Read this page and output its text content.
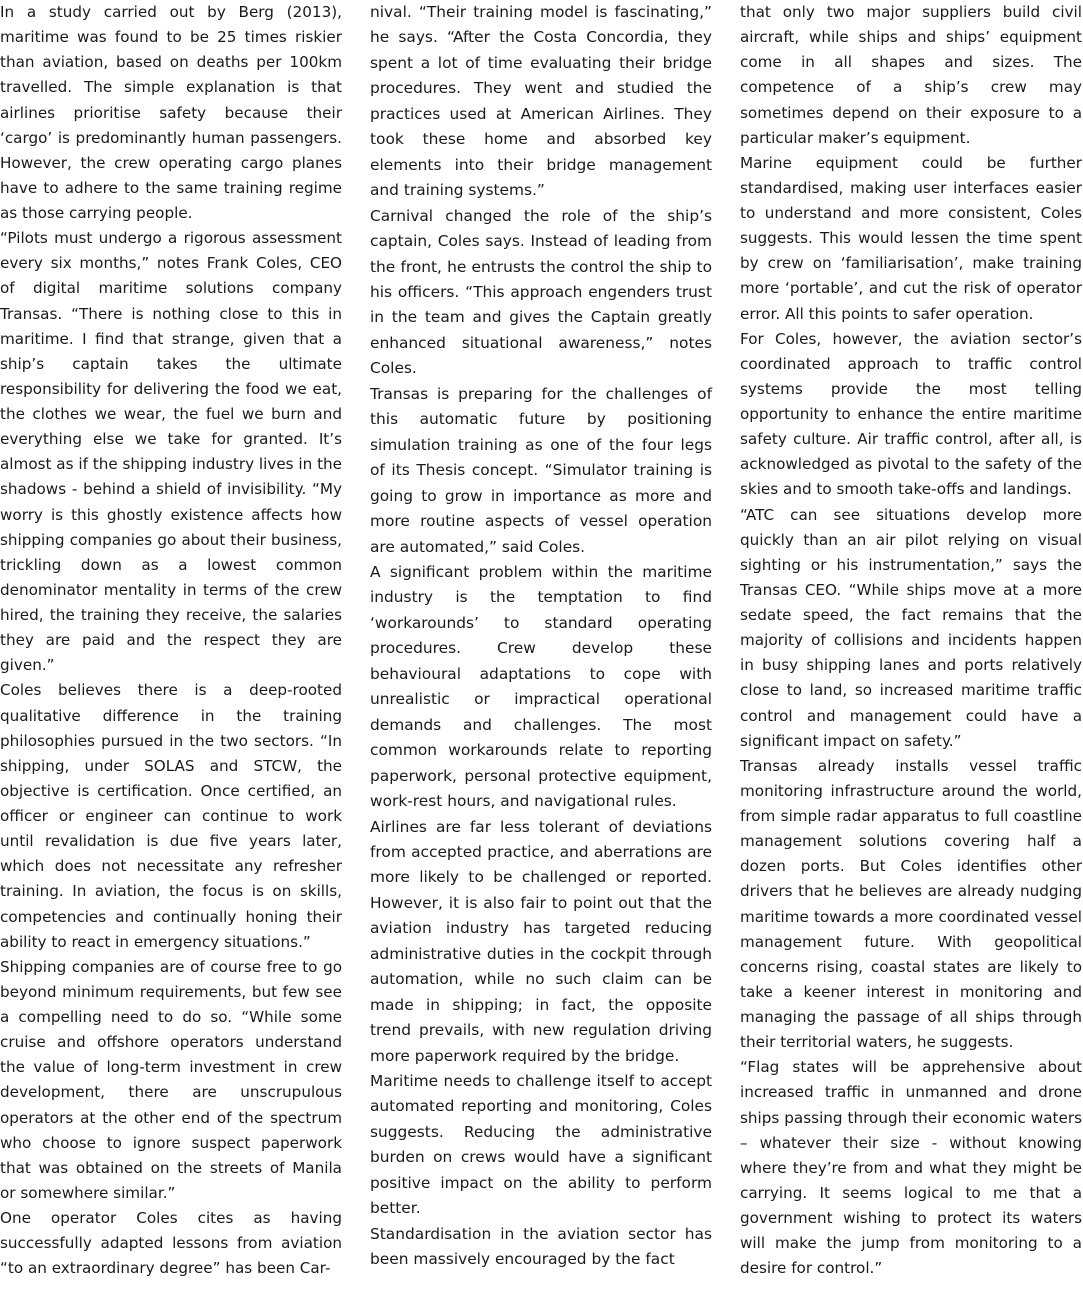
In a study carried out by Berg (2013), maritime was found to be 25 times riskier than aviation, based on deaths per 100km travelled. The simple explanation is that airlines prioritise safety because their ‘cargo’ is predominantly human passengers. However, the crew operating cargo planes have to adhere to the same training regime as those carrying people.

“Pilots must undergo a rigorous assessment every six months,” notes Frank Coles, CEO of digital maritime solutions company Transas. “There is nothing close to this in maritime. I find that strange, given that a ship’s captain takes the ultimate responsibility for delivering the food we eat, the clothes we wear, the fuel we burn and everything else we take for granted. It’s almost as if the shipping industry lives in the shadows - behind a shield of invisibility. “My worry is this ghostly existence affects how shipping companies go about their business, trickling down as a lowest common denominator mentality in terms of the crew hired, the training they receive, the salaries they are paid and the respect they are given.”

Coles believes there is a deep-rooted qualitative difference in the training philosophies pursued in the two sectors. “In shipping, under SOLAS and STCW, the objective is certification. Once certified, an officer or engineer can continue to work until revalidation is due five years later, which does not necessitate any refresher training. In aviation, the focus is on skills, competencies and continually honing their ability to react in emergency situations.”

Shipping companies are of course free to go beyond minimum requirements, but few see a compelling need to do so. “While some cruise and offshore operators understand the value of long-term investment in crew development, there are unscrupulous operators at the other end of the spectrum who choose to ignore suspect paperwork that was obtained on the streets of Manila or somewhere similar.”

One operator Coles cites as having successfully adapted lessons from aviation “to an extraordinary degree” has been Car-

nival. “Their training model is fascinating,” he says. “After the Costa Concordia, they spent a lot of time evaluating their bridge procedures. They went and studied the practices used at American Airlines. They took these home and absorbed key elements into their bridge management and training systems.”

Carnival changed the role of the ship’s captain, Coles says. Instead of leading from the front, he entrusts the control the ship to his officers. “This approach engenders trust in the team and gives the Captain greatly enhanced situational awareness,” notes Coles.

Transas is preparing for the challenges of this automatic future by positioning simulation training as one of the four legs of its Thesis concept. “Simulator training is going to grow in importance as more and more routine aspects of vessel operation are automated,” said Coles.

A significant problem within the maritime industry is the temptation to find ‘workarounds’ to standard operating procedures. Crew develop these behavioural adaptations to cope with unrealistic or impractical operational demands and challenges. The most common workarounds relate to reporting paperwork, personal protective equipment, work-rest hours, and navigational rules.

Airlines are far less tolerant of deviations from accepted practice, and aberrations are more likely to be challenged or reported. However, it is also fair to point out that the aviation industry has targeted reducing administrative duties in the cockpit through automation, while no such claim can be made in shipping; in fact, the opposite trend prevails, with new regulation driving more paperwork required by the bridge.

Maritime needs to challenge itself to accept automated reporting and monitoring, Coles suggests. Reducing the administrative burden on crews would have a significant positive impact on the ability to perform better.

Standardisation in the aviation sector has been massively encouraged by the fact

that only two major suppliers build civil aircraft, while ships and ships’ equipment come in all shapes and sizes. The competence of a ship’s crew may sometimes depend on their exposure to a particular maker’s equipment.

Marine equipment could be further standardised, making user interfaces easier to understand and more consistent, Coles suggests. This would lessen the time spent by crew on ‘familiarisation’, make training more ‘portable’, and cut the risk of operator error. All this points to safer operation.

For Coles, however, the aviation sector’s coordinated approach to traffic control systems provide the most telling opportunity to enhance the entire maritime safety culture. Air traffic control, after all, is acknowledged as pivotal to the safety of the skies and to smooth take-offs and landings.

“ATC can see situations develop more quickly than an air pilot relying on visual sighting or his instrumentation,” says the Transas CEO. “While ships move at a more sedate speed, the fact remains that the majority of collisions and incidents happen in busy shipping lanes and ports relatively close to land, so increased maritime traffic control and management could have a significant impact on safety.”

Transas already installs vessel traffic monitoring infrastructure around the world, from simple radar apparatus to full coastline management solutions covering half a dozen ports. But Coles identifies other drivers that he believes are already nudging maritime towards a more coordinated vessel management future. With geopolitical concerns rising, coastal states are likely to take a keener interest in monitoring and managing the passage of all ships through their territorial waters, he suggests.

“Flag states will be apprehensive about increased traffic in unmanned and drone ships passing through their economic waters – whatever their size - without knowing where they’re from and what they might be carrying. It seems logical to me that a government wishing to protect its waters will make the jump from monitoring to a desire for control.”
